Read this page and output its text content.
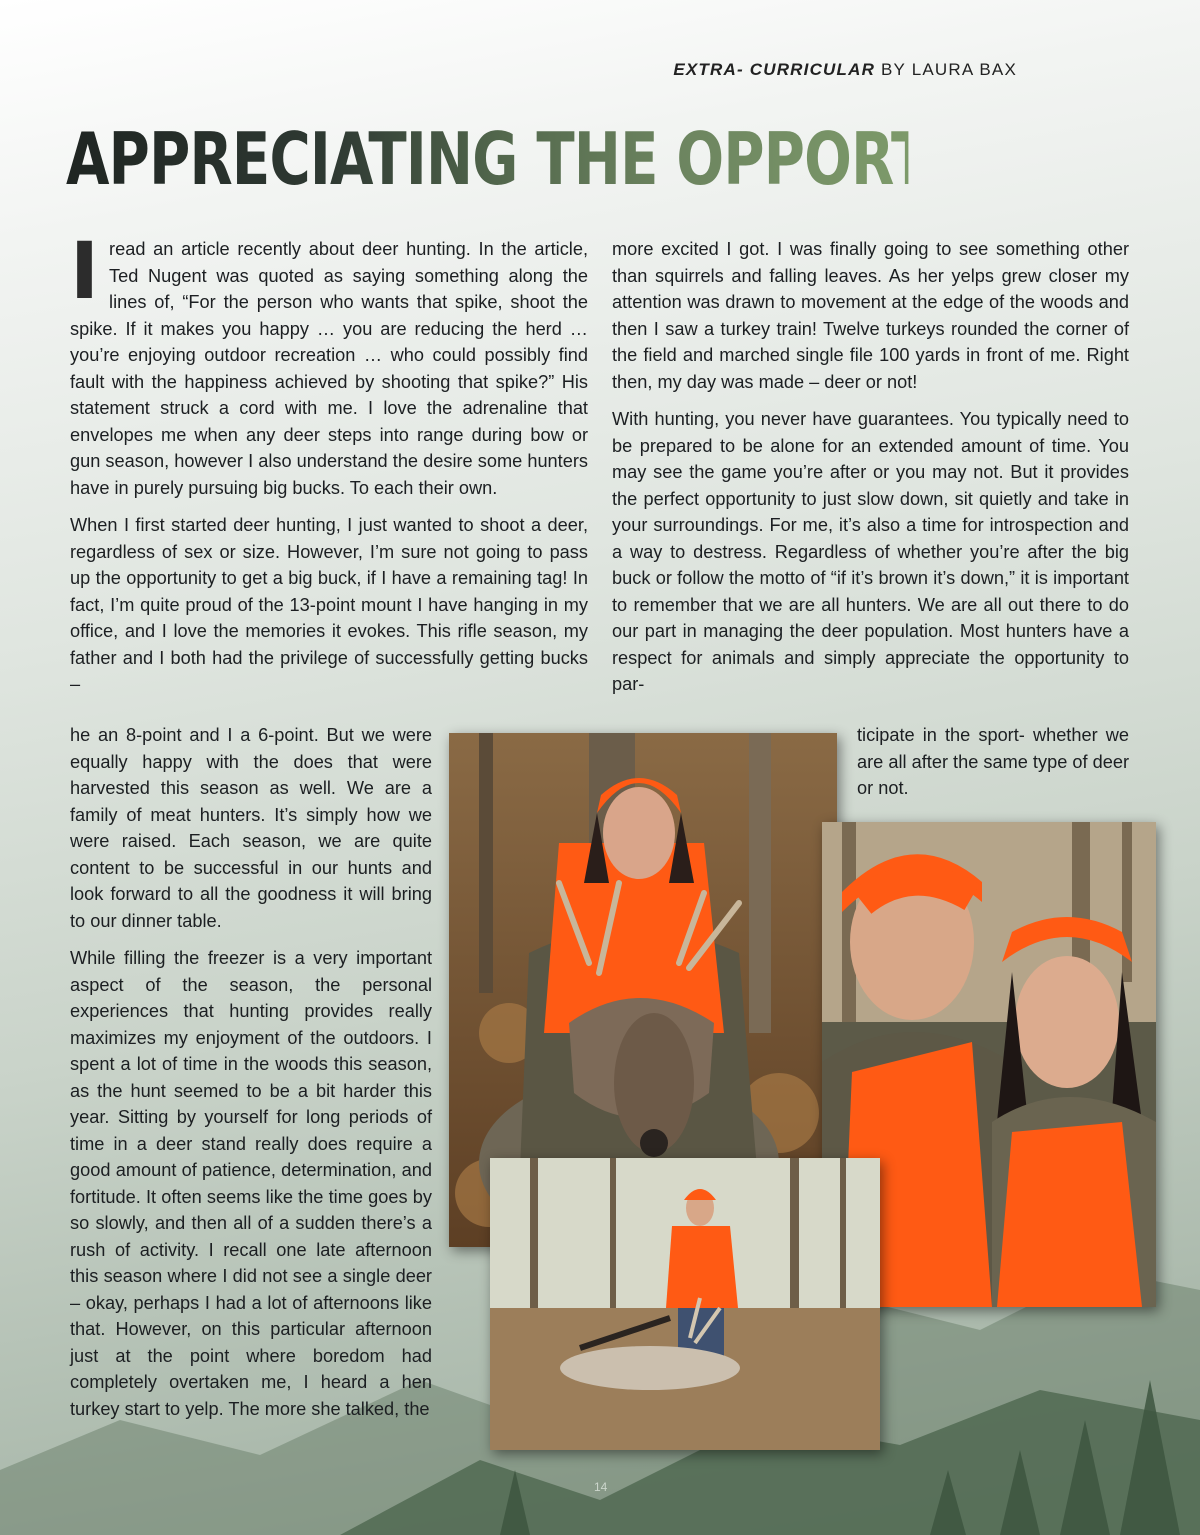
EXTRA- CURRICULAR BY LAURA BAX
APPRECIATING THE OPPORTUNITY

Iread an article recently about deer hunting. In the article, Ted Nugent was quoted as saying something along the lines of, “For the person who wants that spike, shoot the spike. If it makes you happy … you are reducing the herd … you’re enjoying outdoor recreation … who could possibly find fault with the happiness achieved by shooting that spike?” His statement struck a cord with me. I love the adrenaline that envelopes me when any deer steps into range during bow or gun season, however I also understand the desire some hunters have in purely pursuing big bucks. To each their own.

When I first started deer hunting, I just wanted to shoot a deer, regardless of sex or size. However, I’m sure not going to pass up the opportunity to get a big buck, if I have a remaining tag! In fact, I’m quite proud of the 13-point mount I have hanging in my office, and I love the memories it evokes. This rifle season, my father and I both had the privilege of successfully getting bucks –

he an 8-point and I a 6-point. But we were equally happy with the does that were harvested this season as well. We are a family of meat hunters. It’s simply how we were raised. Each season, we are quite content to be successful in our hunts and look forward to all the goodness it will bring to our dinner table.

While filling the freezer is a very important aspect of the season, the personal experiences that hunting provides really maximizes my enjoyment of the outdoors. I spent a lot of time in the woods this season, as the hunt seemed to be a bit harder this year. Sitting by yourself for long periods of time in a deer stand really does require a good amount of patience, determination, and fortitude. It often seems like the time goes by so slowly, and then all of a sudden there’s a rush of activity. I recall one late afternoon this season where I did not see a single deer – okay, perhaps I had a lot of afternoons like that. However, on this particular afternoon just at the point where boredom had completely overtaken me, I heard a hen turkey start to yelp. The more she talked, the

more excited I got. I was finally going to see something other than squirrels and falling leaves. As her yelps grew closer my attention was drawn to movement at the edge of the woods and then I saw a turkey train! Twelve turkeys rounded the corner of the field and marched single file 100 yards in front of me. Right then, my day was made – deer or not!

With hunting, you never have guarantees. You typically need to be prepared to be alone for an extended amount of time. You may see the game you’re after or you may not. But it provides the perfect opportunity to just slow down, sit quietly and take in your surroundings. For me, it’s also a time for introspection and a way to destress. Regardless of whether you’re after the big buck or follow the motto of “if it’s brown it’s down,” it is important to remember that we are all hunters. We are all out there to do our part in managing the deer population. Most hunters have a respect for animals and simply appreciate the opportunity to par-

ticipate in the sport- whether we are all after the same type of deer or not.

14
